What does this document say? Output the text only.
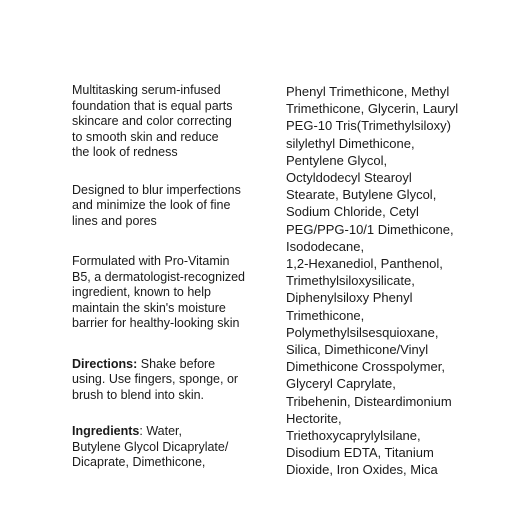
Multitasking serum-infused
foundation that is equal parts
skincare and color correcting
to smooth skin and reduce
the look of redness

Designed to blur imperfections
and minimize the look of fine
lines and pores

Formulated with Pro-Vitamin
B5, a dermatologist-recognized
ingredient, known to help
maintain the skin's moisture
barrier for healthy-looking skin

Directions: Shake before
using. Use fingers, sponge, or
brush to blend into skin.

Ingredients: Water,
Butylene Glycol Dicaprylate/
Dicaprate, Dimethicone,

Phenyl Trimethicone, Methyl
Trimethicone, Glycerin, Lauryl
PEG-10 Tris(Trimethylsiloxy)
silylethyl Dimethicone,
Pentylene Glycol,
Octyldodecyl Stearoyl
Stearate, Butylene Glycol,
Sodium Chloride, Cetyl
PEG/PPG-10/1 Dimethicone,
Isododecane,
1,2-Hexanediol, Panthenol,
Trimethylsiloxysilicate,
Diphenylsiloxy Phenyl
Trimethicone,
Polymethylsilsesquioxane,
Silica, Dimethicone/Vinyl
Dimethicone Crosspolymer,
Glyceryl Caprylate,
Tribehenin, Disteardimonium
Hectorite,
Triethoxycaprylylsilane,
Disodium EDTA, Titanium
Dioxide, Iron Oxides, Mica
